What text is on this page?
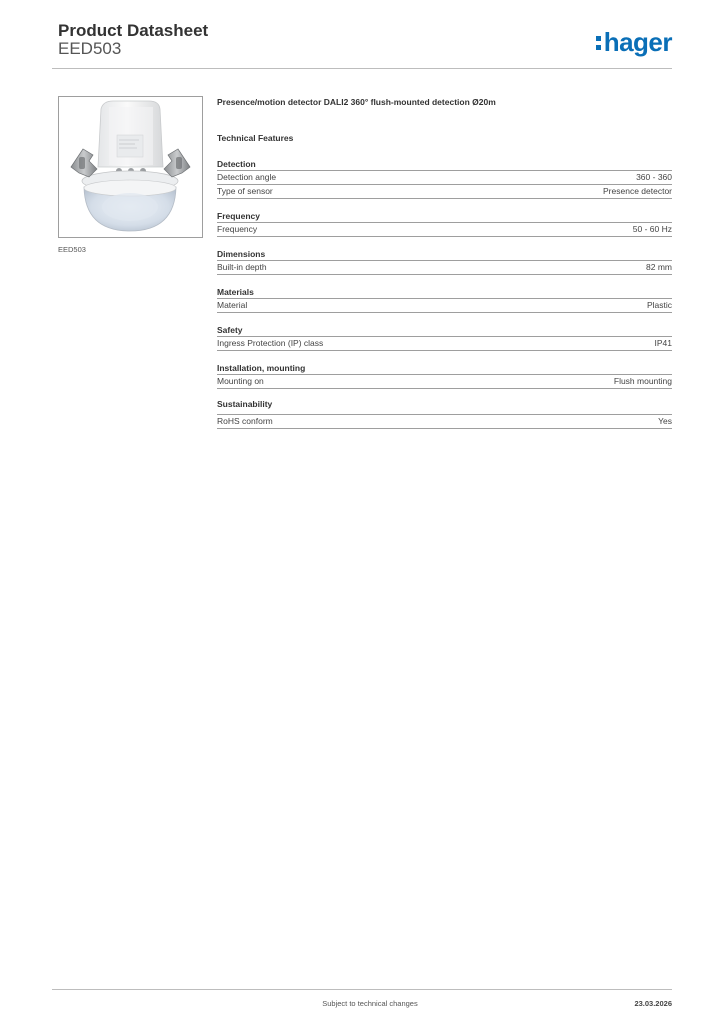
Product Datasheet
EED503	hager
EED503
Presence/motion detector DALI2 360° flush-mounted detection Ø20m
Technical Features
Detection
Detection angle	360 - 360
Type of sensor	Presence detector
Frequency
Frequency	50 - 60 Hz
Dimensions
Built-in depth	82 mm
Materials
Material	Plastic
Safety
Ingress Protection (IP) class	IP41
Installation, mounting
Mounting on	Flush mounting
Sustainability
RoHS conform	Yes
Subject to technical changes	23.03.2026
